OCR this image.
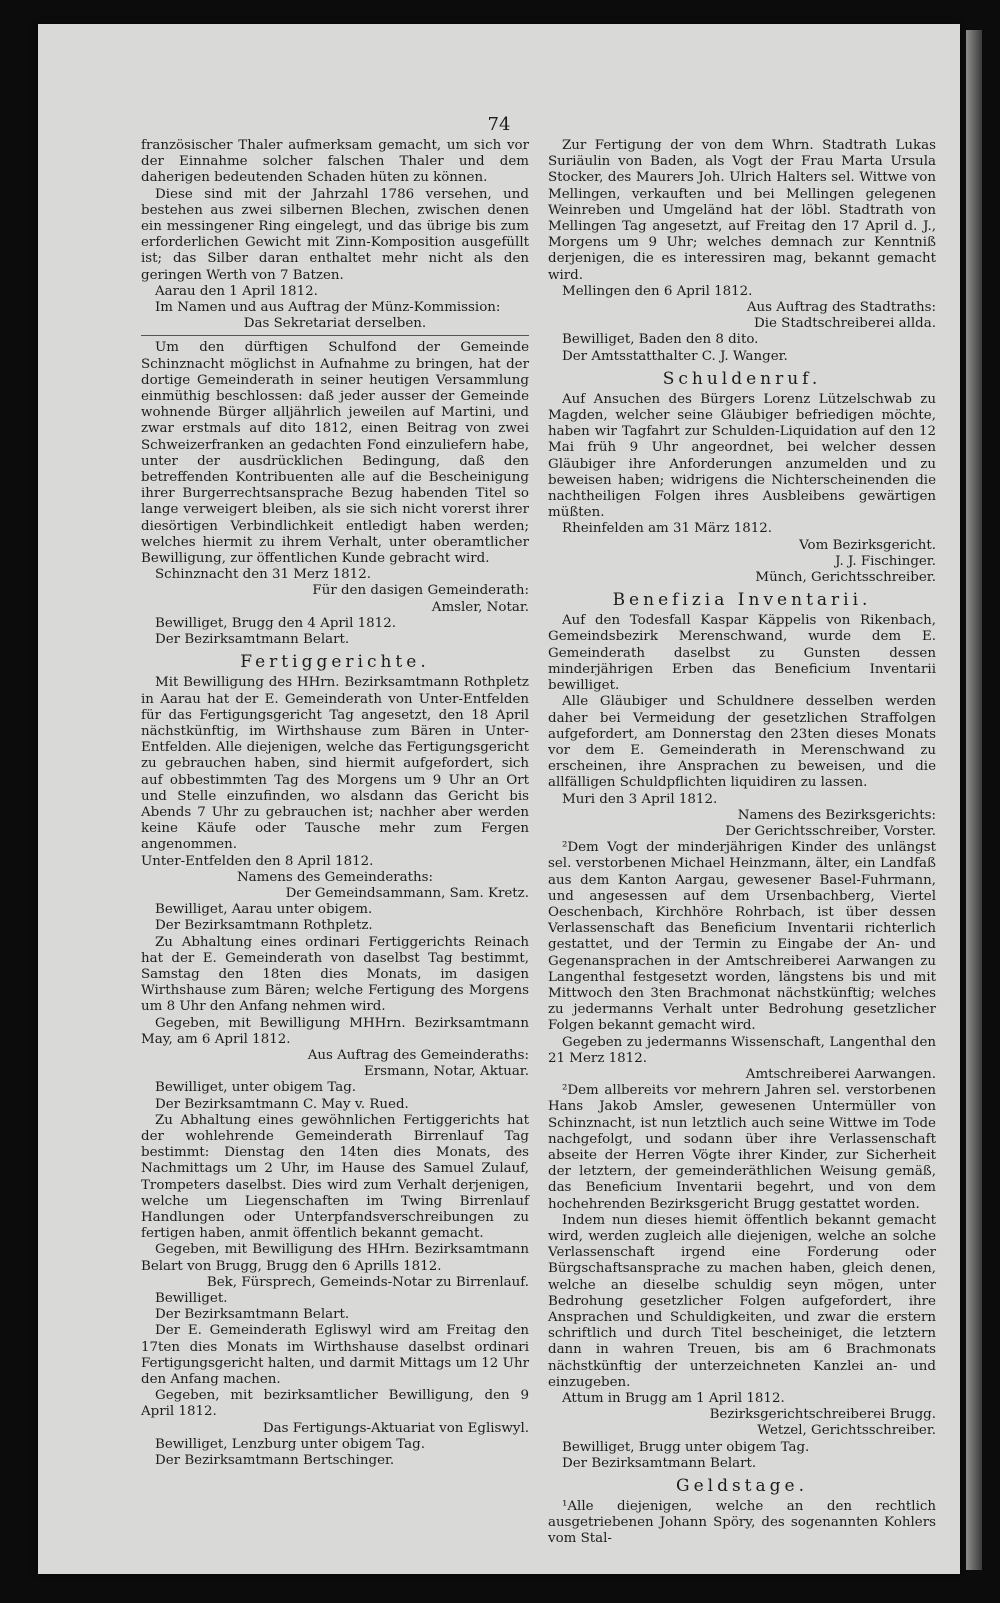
74

französischer Thaler aufmerksam gemacht, um sich vor der Einnahme solcher falschen Thaler und dem daherigen bedeutenden Schaden hüten zu können.

Diese sind mit der Jahrzahl 1786 versehen, und bestehen aus zwei silbernen Blechen, zwischen denen ein messingener Ring eingelegt, und das übrige bis zum erforderlichen Gewicht mit Zinn-Komposition ausgefüllt ist; das Silber daran enthaltet mehr nicht als den geringen Werth von 7 Batzen.

Aarau den 1 April 1812.

Im Namen und aus Auftrag der Münz-Kommission:

Das Sekretariat derselben.

Um den dürftigen Schulfond der Gemeinde Schinznacht möglichst in Aufnahme zu bringen, hat der dortige Gemeinderath in seiner heutigen Versammlung einmüthig beschlossen: daß jeder ausser der Gemeinde wohnende Bürger alljährlich jeweilen auf Martini, und zwar erstmals auf dito 1812, einen Beitrag von zwei Schweizerfranken an gedachten Fond einzuliefern habe, unter der ausdrücklichen Bedingung, daß den betreffenden Kontribuenten alle auf die Bescheinigung ihrer Burgerrechtsansprache Bezug habenden Titel so lange verweigert bleiben, als sie sich nicht vorerst ihrer diesörtigen Verbindlichkeit entledigt haben werden; welches hiermit zu ihrem Verhalt, unter oberamtlicher Bewilligung, zur öffentlichen Kunde gebracht wird.

Schinznacht den 31 Merz 1812.

Für den dasigen Gemeinderath:

Amsler, Notar.

Bewilliget, Brugg den 4 April 1812.

Der Bezirksamtmann Belart.

Fertiggerichte.

Mit Bewilligung des HHrn. Bezirksamtmann Rothpletz in Aarau hat der E. Gemeinderath von Unter-Entfelden für das Fertigungsgericht Tag angesetzt, den 18 April nächstkünftig, im Wirthshause zum Bären in Unter-Entfelden. Alle diejenigen, welche das Fertigungsgericht zu gebrauchen haben, sind hiermit aufgefordert, sich auf obbestimmten Tag des Morgens um 9 Uhr an Ort und Stelle einzufinden, wo alsdann das Gericht bis Abends 7 Uhr zu gebrauchen ist; nachher aber werden keine Käufe oder Tausche mehr zum Fergen angenommen.

Unter-Entfelden den 8 April 1812.

Namens des Gemeinderaths:

Der Gemeindsammann, Sam. Kretz.

Bewilliget, Aarau unter obigem.

Der Bezirksamtmann Rothpletz.

Zu Abhaltung eines ordinari Fertiggerichts Reinach hat der E. Gemeinderath von daselbst Tag bestimmt, Samstag den 18ten dies Monats, im dasigen Wirthshause zum Bären; welche Fertigung des Morgens um 8 Uhr den Anfang nehmen wird.

Gegeben, mit Bewilligung MHHrn. Bezirksamtmann May, am 6 April 1812.

Aus Auftrag des Gemeinderaths:

Ersmann, Notar, Aktuar.

Bewilliget, unter obigem Tag.

Der Bezirksamtmann C. May v. Rued.

Zu Abhaltung eines gewöhnlichen Fertiggerichts hat der wohlehrende Gemeinderath Birrenlauf Tag bestimmt: Dienstag den 14ten dies Monats, des Nachmittags um 2 Uhr, im Hause des Samuel Zulauf, Trompeters daselbst. Dies wird zum Verhalt derjenigen, welche um Liegenschaften im Twing Birrenlauf Handlungen oder Unterpfandsverschreibungen zu fertigen haben, anmit öffentlich bekannt gemacht.

Gegeben, mit Bewilligung des HHrn. Bezirksamtmann Belart von Brugg, Brugg den 6 Aprills 1812.

Bek, Fürsprech, Gemeinds-Notar zu Birrenlauf.

Bewilliget.

Der Bezirksamtmann Belart.

Der E. Gemeinderath Egliswyl wird am Freitag den 17ten dies Monats im Wirthshause daselbst ordinari Fertigungsgericht halten, und darmit Mittags um 12 Uhr den Anfang machen.

Gegeben, mit bezirksamtlicher Bewilligung, den 9 April 1812.

Das Fertigungs-Aktuariat von Egliswyl.

Bewilliget, Lenzburg unter obigem Tag.

Der Bezirksamtmann Bertschinger.

Zur Fertigung der von dem Whrn. Stadtrath Lukas Suriäulin von Baden, als Vogt der Frau Marta Ursula Stocker, des Maurers Joh. Ulrich Halters sel. Wittwe von Mellingen, verkauften und bei Mellingen gelegenen Weinreben und Umgeländ hat der löbl. Stadtrath von Mellingen Tag angesetzt, auf Freitag den 17 April d. J., Morgens um 9 Uhr; welches demnach zur Kenntniß derjenigen, die es interessiren mag, bekannt gemacht wird.

Mellingen den 6 April 1812.

Aus Auftrag des Stadtraths:

Die Stadtschreiberei allda.

Bewilliget, Baden den 8 dito.

Der Amtsstatthalter C. J. Wanger.

Schuldenruf.

Auf Ansuchen des Bürgers Lorenz Lützelschwab zu Magden, welcher seine Gläubiger befriedigen möchte, haben wir Tagfahrt zur Schulden-Liquidation auf den 12 Mai früh 9 Uhr angeordnet, bei welcher dessen Gläubiger ihre Anforderungen anzumelden und zu beweisen haben; widrigens die Nichterscheinenden die nachtheiligen Folgen ihres Ausbleibens gewärtigen müßten.

Rheinfelden am 31 März 1812.

Vom Bezirksgericht.

J. J. Fischinger.

Münch, Gerichtsschreiber.

Benefizia Inventarii.

Auf den Todesfall Kaspar Käppelis von Rikenbach, Gemeindsbezirk Merenschwand, wurde dem E. Gemeinderath daselbst zu Gunsten dessen minderjährigen Erben das Beneficium Inventarii bewilliget.

Alle Gläubiger und Schuldnere desselben werden daher bei Vermeidung der gesetzlichen Straffolgen aufgefordert, am Donnerstag den 23ten dieses Monats vor dem E. Gemeinderath in Merenschwand zu erscheinen, ihre Ansprachen zu beweisen, und die allfälligen Schuldpflichten liquidiren zu lassen.

Muri den 3 April 1812.

Namens des Bezirksgerichts:

Der Gerichtsschreiber, Vorster.

²Dem Vogt der minderjährigen Kinder des unlängst sel. verstorbenen Michael Heinzmann, älter, ein Landfaß aus dem Kanton Aargau, gewesener Basel-Fuhrmann, und angesessen auf dem Ursenbachberg, Viertel Oeschenbach, Kirchhöre Rohrbach, ist über dessen Verlassenschaft das Beneficium Inventarii richterlich gestattet, und der Termin zu Eingabe der An- und Gegenansprachen in der Amtschreiberei Aarwangen zu Langenthal festgesetzt worden, längstens bis und mit Mittwoch den 3ten Brachmonat nächstkünftig; welches zu jedermanns Verhalt unter Bedrohung gesetzlicher Folgen bekannt gemacht wird.

Gegeben zu jedermanns Wissenschaft, Langenthal den 21 Merz 1812.

Amtschreiberei Aarwangen.

²Dem allbereits vor mehrern Jahren sel. verstorbenen Hans Jakob Amsler, gewesenen Untermüller von Schinznacht, ist nun letztlich auch seine Wittwe im Tode nachgefolgt, und sodann über ihre Verlassenschaft abseite der Herren Vögte ihrer Kinder, zur Sicherheit der letztern, der gemeinderäthlichen Weisung gemäß, das Beneficium Inventarii begehrt, und von dem hochehrenden Bezirksgericht Brugg gestattet worden.

Indem nun dieses hiemit öffentlich bekannt gemacht wird, werden zugleich alle diejenigen, welche an solche Verlassenschaft irgend eine Forderung oder Bürgschaftsansprache zu machen haben, gleich denen, welche an dieselbe schuldig seyn mögen, unter Bedrohung gesetzlicher Folgen aufgefordert, ihre Ansprachen und Schuldigkeiten, und zwar die erstern schriftlich und durch Titel bescheiniget, die letztern dann in wahren Treuen, bis am 6 Brachmonats nächstkünftig der unterzeichneten Kanzlei an- und einzugeben.

Attum in Brugg am 1 April 1812.

Bezirksgerichtschreiberei Brugg.

Wetzel, Gerichtsschreiber.

Bewilliget, Brugg unter obigem Tag.

Der Bezirksamtmann Belart.

Geldstage.

¹Alle diejenigen, welche an den rechtlich ausgetriebenen Johann Spöry, des sogenannten Kohlers vom Stal-
